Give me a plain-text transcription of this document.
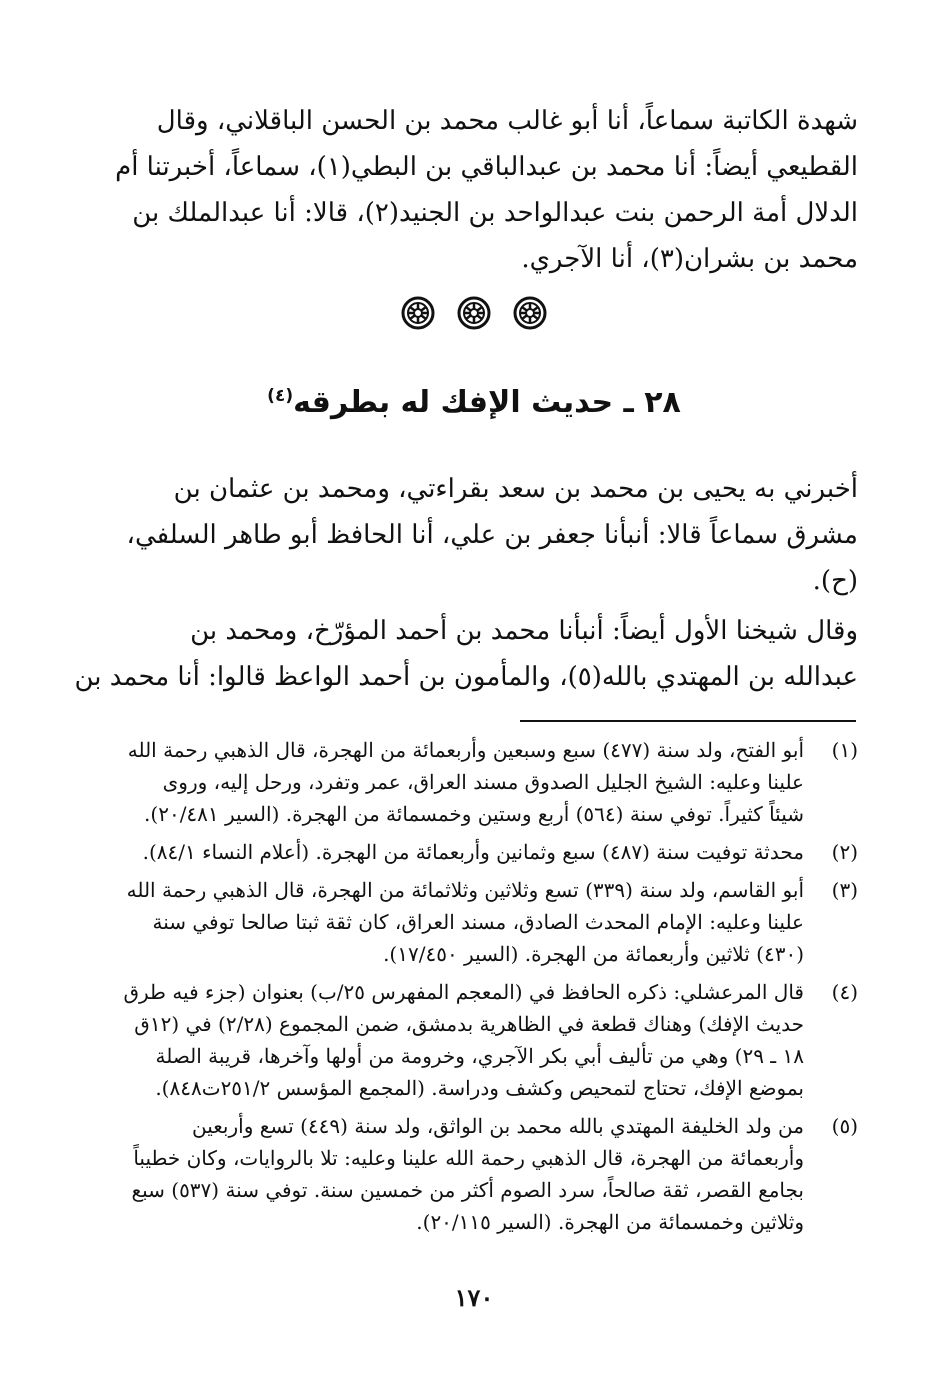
شهدة الكاتبة سماعاً، أنا أبو غالب محمد بن الحسن الباقلاني، وقال
القطيعي أيضاً: أنا محمد بن عبدالباقي بن البطي(١)، سماعاً، أخبرتنا أم
الدلال أمة الرحمن بنت عبدالواحد بن الجنيد(٢)، قالا: أنا عبدالملك بن
محمد بن بشران(٣)، أنا الآجري.
٢٨ ـ حديث الإفك له بطرقه$^{(٤)}$
أخبرني به يحيى بن محمد بن سعد بقراءتي، ومحمد بن عثمان بن
مشرق سماعاً قالا: أنبأنا جعفر بن علي، أنا الحافظ أبو طاهر السلفي،
(ح).
وقال شيخنا الأول أيضاً: أنبأنا محمد بن أحمد المؤرّخ، ومحمد بن
عبدالله بن المهتدي بالله(٥)، والمأمون بن أحمد الواعظ قالوا: أنا محمد بن
(١)
أبو الفتح، ولد سنة (٤٧٧) سبع وسبعين وأربعمائة من الهجرة، قال الذهبي رحمة الله
علينا وعليه: الشيخ الجليل الصدوق مسند العراق، عمر وتفرد، ورحل إليه، وروى
شيئاً كثيراً. توفي سنة (٥٦٤) أربع وستين وخمسمائة من الهجرة. (السير ٢٠/٤٨١).
(٢)
محدثة توفيت سنة (٤٨٧) سبع وثمانين وأربعمائة من الهجرة. (أعلام النساء ٨٤/١).
(٣)
أبو القاسم، ولد سنة (٣٣٩) تسع وثلاثين وثلاثمائة من الهجرة، قال الذهبي رحمة الله
علينا وعليه: الإمام المحدث الصادق، مسند العراق، كان ثقة ثبتا صالحا توفي سنة
(٤٣٠) ثلاثين وأربعمائة من الهجرة. (السير ١٧/٤٥٠).
(٤)
قال المرعشلي: ذكره الحافظ في (المعجم المفهرس ٢٥/ب) بعنوان (جزء فيه طرق
حديث الإفك) وهناك قطعة في الظاهرية بدمشق، ضمن المجموع (٢/٢٨) في (١٢ق
١٨ ـ ٢٩) وهي من تأليف أبي بكر الآجري، وخرومة من أولها وآخرها، قريبة الصلة
بموضع الإفك، تحتاج لتمحيص وكشف ودراسة. (المجمع المؤسس ٢٥١/٢ت٨٤٨).
(٥)
من ولد الخليفة المهتدي بالله محمد بن الواثق، ولد سنة (٤٤٩) تسع وأربعين
وأربعمائة من الهجرة، قال الذهبي رحمة الله علينا وعليه: تلا بالروايات، وكان خطيباً
بجامع القصر، ثقة صالحاً، سرد الصوم أكثر من خمسين سنة. توفي سنة (٥٣٧) سبع
وثلاثين وخمسمائة من الهجرة. (السير ٢٠/١١٥).
١٧٠
